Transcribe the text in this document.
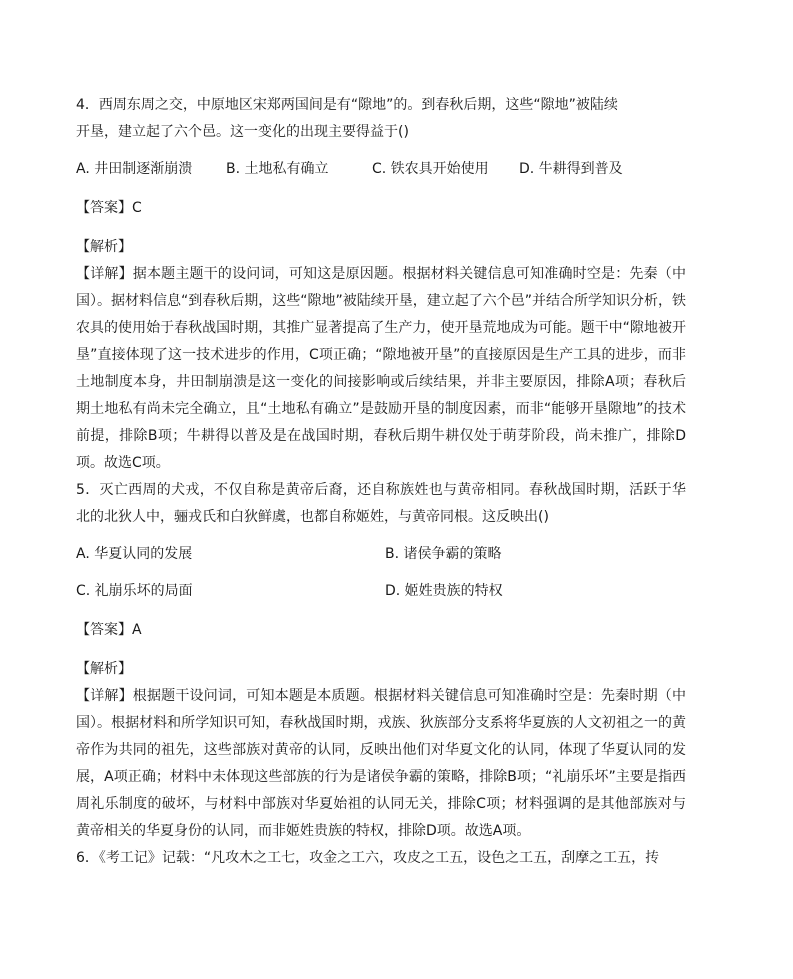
4．西周东周之交，中原地区宋郑两国间是有“隙地”的。到春秋后期，这些“隙地”被陆续
开垦，建立起了六个邑。这一变化的出现主要得益于()
A. 井田制逐渐崩溃	B. 土地私有确立	C. 铁农具开始使用	D. 牛耕得到普及
【答案】C
【解析】
【详解】据本题主题干的设问词，可知这是原因题。根据材料关键信息可知准确时空是：先秦（中国）。据材料信息“到春秋后期，这些“隙地”被陆续开垦，建立起了六个邑”并结合所学知识分析，铁农具的使用始于春秋战国时期，其推广显著提高了生产力，使开垦荒地成为可能。题干中“隙地被开垦”直接体现了这一技术进步的作用，C项正确；“隙地被开垦”的直接原因是生产工具的进步，而非土地制度本身，井田制崩溃是这一变化的间接影响或后续结果，并非主要原因，排除A项；春秋后期土地私有尚未完全确立，且“土地私有确立”是鼓励开垦的制度因素，而非“能够开垦隙地”的技术前提，排除B项；牛耕得以普及是在战国时期，春秋后期牛耕仅处于萌芽阶段，尚未推广，排除D项。故选C项。
5．灭亡西周的犬戎，不仅自称是黄帝后裔，还自称族姓也与黄帝相同。春秋战国时期，活跃于华北的北狄人中，骊戎氏和白狄鲜虞，也都自称姬姓，与黄帝同根。这反映出()
A. 华夏认同的发展	B. 诸侯争霸的策略
C. 礼崩乐坏的局面	D. 姬姓贵族的特权
【答案】A
【解析】
【详解】根据题干设问词，可知本题是本质题。根据材料关键信息可知准确时空是：先秦时期（中国）。根据材料和所学知识可知，春秋战国时期，戎族、狄族部分支系将华夏族的人文初祖之一的黄帝作为共同的祖先，这些部族对黄帝的认同，反映出他们对华夏文化的认同，体现了华夏认同的发展，A项正确；材料中未体现这些部族的行为是诸侯争霸的策略，排除B项；“礼崩乐坏”主要是指西周礼乐制度的破坏，与材料中部族对华夏始祖的认同无关，排除C项；材料强调的是其他部族对与黄帝相关的华夏身份的认同，而非姬姓贵族的特权，排除D项。故选A项。
6．《考工记》记载：“凡攻木之工七，攻金之工六，攻皮之工五，设色之工五，刮摩之工五，抟
